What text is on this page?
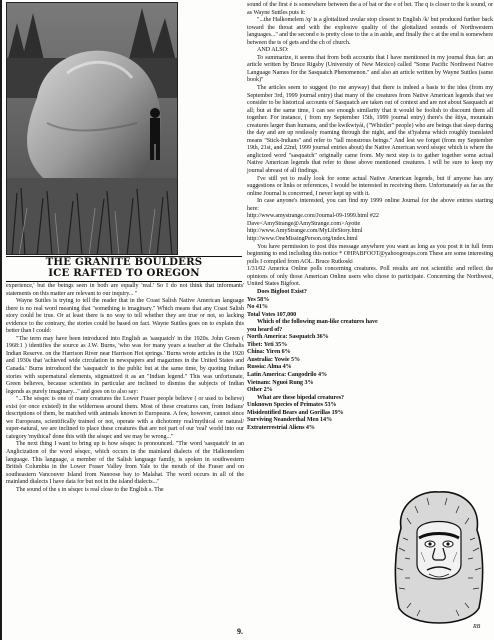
THE GRANITE BOULDERS
ICE RAFTED TO OREGON

experience,' but the beings seen in both are equally 'real.' So I do not think that informants' statements on this matter are relevant to our inquiry... "

Wayne Suttles is trying to tell the reader that in the Coast Salish Native American language there is no real word meaning that "something is imaginary." Which means that any Coast Salish story could be true. Or at least there is no way to tell whether they are true or not, so lacking evidence to the contrary, the stories could be based on fact. Wayne Suttles goes on to explain this better than I could:

"The term may have been introduced into English as 'sasquatch' in the 1920s. John Green ( 1968:1 ) identifies the source as J.W. Burns, 'who was for many years a teacher at the Chehalis Indian Reserve. on the Harrison River near Harrison Hot springs.' Burns wrote articles in the 1920 and 1930s that 'achieved wide circulation in newspapers and magazines in the United States and Canada.' Burns introduced the 'sasquatch' to the public but at the same time, by quoting Indian stories with supernatural elements, stigmatized it as an "Indian legend." This was unfortunate, Green believes, because scientists in particular are inclined to dismiss the subjects of Indian legends as purely imaginary..." and goes on to also say:

"...The sésqec is one of many creatures the Lower Fraser people believe ( or used to believe) exist (or once existed) in the wilderness around them. Most of these creatures can, from Indians' descriptions of them, be matched with animals known to Europeans. A few, however, cannot since we Europeans, scientifically trained or not, operate with a dichotomy real/mythical or natural/ super-natural, we are inclined to place these creatures that are not part of our 'real' world into our category 'mythical' done this with the sésqec and we may be wrong..."

The next thing I want to bring up is how sésqec is pronounced. "The word 'sasquatch' in an Anglicization of the word sésqec, which occurs in the mainland dialects of the Halkomelem language. This language, a member of the Salish language family, is spoken in southwestern British Columbia in the Lower Fraser Valley from Yale to the mouth of the Fraser and on southeastern Vancouver Island from Nanoose bay to Malahat. The word occurs in all of the mainland dialects I have data for but not in the island dialects..."

The sound of the s in sésqec is real close to the English s. The

sound of the first é is somewhere between the a of bat or the e of bet. The q is closer to the k sound, or as Wayne Suttles puts it:

"...the Halkomelem /q/ is a glottalized uvular stop closest to English /k/ but produced further back toward the throat and with the explosive quality of the glottalized sounds of Northwestern languages..." and the second e is pretty close to the a in aside, and finally the c at the end is somewhere between the ts of gets and the ch of church.

AND ALSO:

To summarize, it seems that from both accounts that I have mentioned in my journal thus far: an article written by Bruce Rigsby (University of New Mexico) called "Some Pacific Northwest Native Language Names for the Sasquatch Phenomenon." and also an article written by Wayne Suttles (same book)"

The articles seem to suggest (to me anyway) that there is indeed a basis to the idea (from my September 3rd, 1999 journal entry) that many of the creatures from Native American legends that we consider to be historical accounts of Sasquatch are taken out of context and are not about Sasquatch at all; but at the same time, I can see enough similarity that it would be foolish to discount them all together. For instance, ( from my September 15th, 1999 journal entry) there's the štiya, mountain creatures larger than humans, and the kwikwiyái, ("Whistler" people) who are beings that sleep during the day and are up restlessly roaming through the night, and the st'iyahma which roughly translated means "Stick-Indians" and refer to "tall monstrous beings." And lest we forget (from my September 19th, 21st, and 22nd, 1999 journal entries about) the Native American word sésqec which is where the anglicized word "sasquatch" originally came from. My next step is to gather together some actual Native American legends that refer to these above mentioned creatures. I will be sure to keep my journal abreast of all findings.

I've still yet to really look for some actual Native American legends, but if anyone has any suggestions or links or references, I would be interested in receiving them. Unfortunately as far as the online Journal is concerned, I never kept up with it.

In case anyone's interested, you can find my 1999 online Journal for the above entries starting here:

http://www.amystrange.com/Journal-09-1999.html #22

Dave<AmyStrange@AmyStrange.com>Ayotte

http://www.AmyStrange.com/MyLifeStory.html

http://www.OneMissingPerson.org/index.html

You have permission to post this message anywhere you want as long as you post it in full from beginning to end including this notice * OHPABFOOT@yahoogroups.com These are some interesting polls I compiled from AOL. Bruce Rutkoski

1/31/02 America Online polls concerning creatures. Poll results are not scientific and reflect the opinions of only those American Online users who chose to participate. Concerning the Northwest, United States Bigfoot.

Does Bigfoot Exist?

Yes 58%

No 41%

Total Votes 107,000

Which of the following man-like creatures have you heard of?

North America: Sasquatch 36%

Tibet: Yeti 35%

China: Yiren 6%

Australia: Yowie 5%

Russia: Alma 4%

Latin America: Cangodrilo 4%

Vietnam: Nguoi Rung 3%

Other 2%

What are these bipedal creatures?

Unknown Species of Primates 53%

Misidentified Bears and Gorillas 19%

Surviving Neanderthal Men 14%

Extraterrestrial Aliens 4%

RB
9.
